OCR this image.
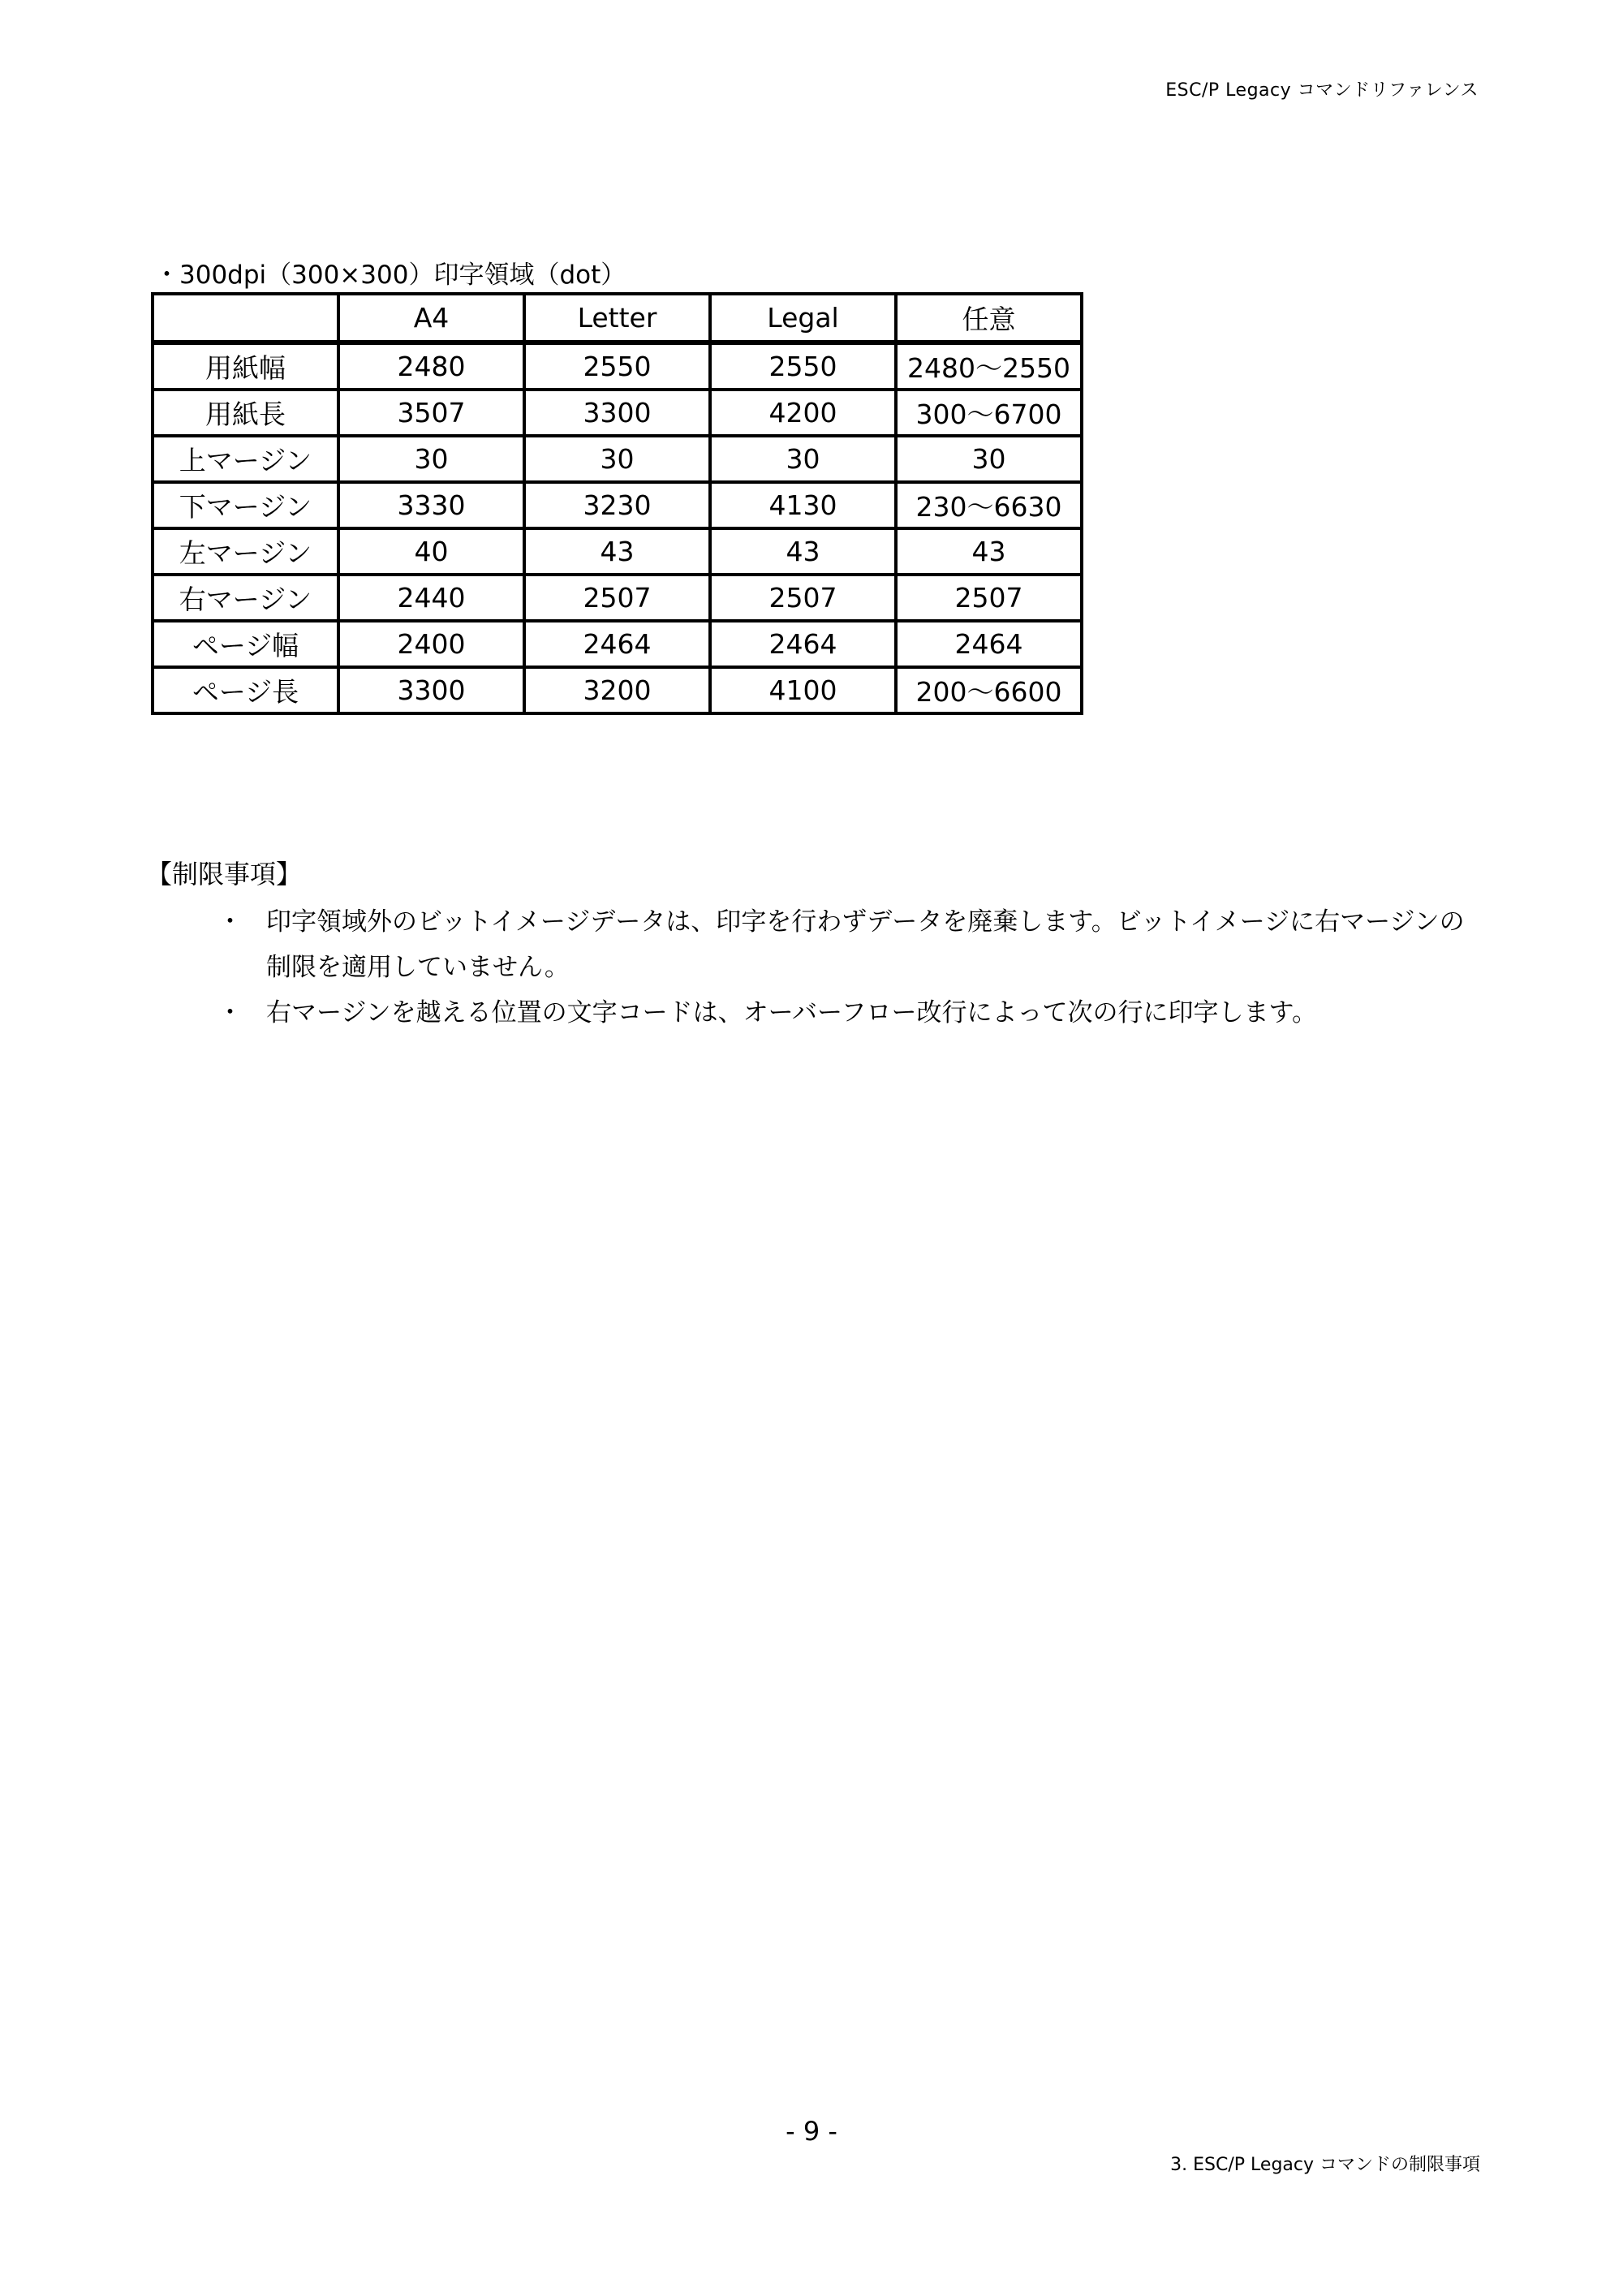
ESC/P Legacy コマンドリファレンス
・300dpi（300×300）印字領域（dot）
	A4	Letter	Legal	任意
用紙幅	2480	2550	2550	2480～2550
用紙長	3507	3300	4200	300～6700
上マージン	30	30	30	30
下マージン	3330	3230	4130	230～6630
左マージン	40	43	43	43
右マージン	2440	2507	2507	2507
ページ幅	2400	2464	2464	2464
ページ長	3300	3200	4100	200～6600
【制限事項】
・ 印字領域外のビットイメージデータは、印字を行わずデータを廃棄します。ビットイメージに右マージンの制限を適用していません。
・ 右マージンを越える位置の文字コードは、オーバーフロー改行によって次の行に印字します。
- 9 -
3. ESC/P Legacy コマンドの制限事項
